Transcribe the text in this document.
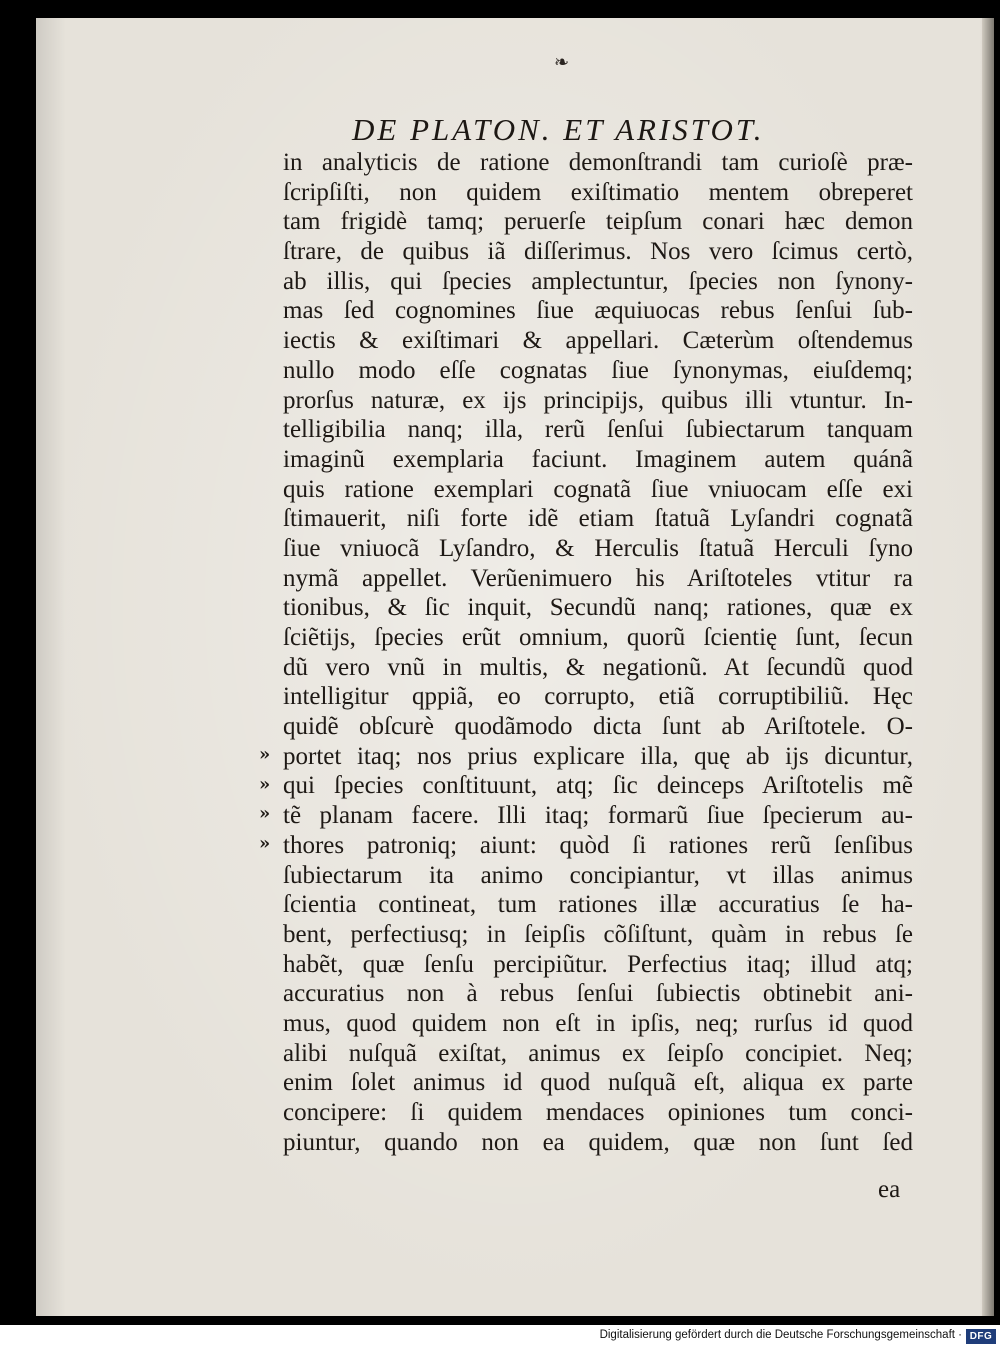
❧
DE PLATON. ET ARISTOT.
»
»
»
»
in analyticis de ratione demonſtrandi tam curioſè præ-
ſcripſiſti, non quidem exiſtimatio mentem obreperet
tam frigidè tamq; peruerſe teipſum conari hæc demon
ſtrare, de quibus iã diſſerimus. Nos vero ſcimus certò,
ab illis, qui ſpecies amplectuntur, ſpecies non ſynony-
mas ſed cognomines ſiue æquiuocas rebus ſenſui ſub-
iectis & exiſtimari & appellari. Cæterùm oſtendemus
nullo modo eſſe cognatas ſiue ſynonymas, eiuſdemq;
prorſus naturæ, ex ijs principijs, quibus illi vtuntur. In-
telligibilia nanq; illa, rerũ ſenſui ſubiectarum tanquam
imaginũ exemplaria faciunt. Imaginem autem quánã
quis ratione exemplari cognatã ſiue vniuocam eſſe exi
ſtimauerit, niſi forte idẽ etiam ſtatuã Lyſandri cognatã
ſiue vniuocã Lyſandro, & Herculis ſtatuã Herculi ſyno
nymã appellet. Verũenimuero his Ariſtoteles vtitur ra
tionibus, & ſic inquit, Secundũ nanq; rationes, quæ ex
ſciẽtijs, ſpecies erũt omnium, quorũ ſcientię ſunt, ſecun
dũ vero vnũ in multis, & negationũ. At ſecundũ quod
intelligitur qppiã, eo corrupto, etiã corruptibiliũ. Hęc
quidẽ obſcurè quodãmodo dicta ſunt ab Ariſtotele. O-
portet itaq; nos prius explicare illa, quę ab ijs dicuntur,
qui ſpecies conſtituunt, atq; ſic deinceps Ariſtotelis mẽ
tẽ planam facere. Illi itaq; formarũ ſiue ſpecierum au-
thores patroniq; aiunt: quòd ſi rationes rerũ ſenſibus
ſubiectarum ita animo concipiantur, vt illas animus
ſcientia contineat, tum rationes illæ accuratius ſe ha-
bent, perfectiusq; in ſeipſis cõſiſtunt, quàm in rebus ſe
habẽt, quæ ſenſu percipiũtur. Perfectius itaq; illud atq;
accuratius non à rebus ſenſui ſubiectis obtinebit ani-
mus, quod quidem non eſt in ipſis, neq; rurſus id quod
alibi nuſquã exiſtat, animus ex ſeipſo concipiet. Neq;
enim ſolet animus id quod nuſquã eſt, aliqua ex parte
concipere: ſi quidem mendaces opiniones tum conci-
piuntur, quando non ea quidem, quæ non ſunt ſed
ea
Digitalisierung gefördert durch die Deutsche Forschungsgemeinschaft · DFG
